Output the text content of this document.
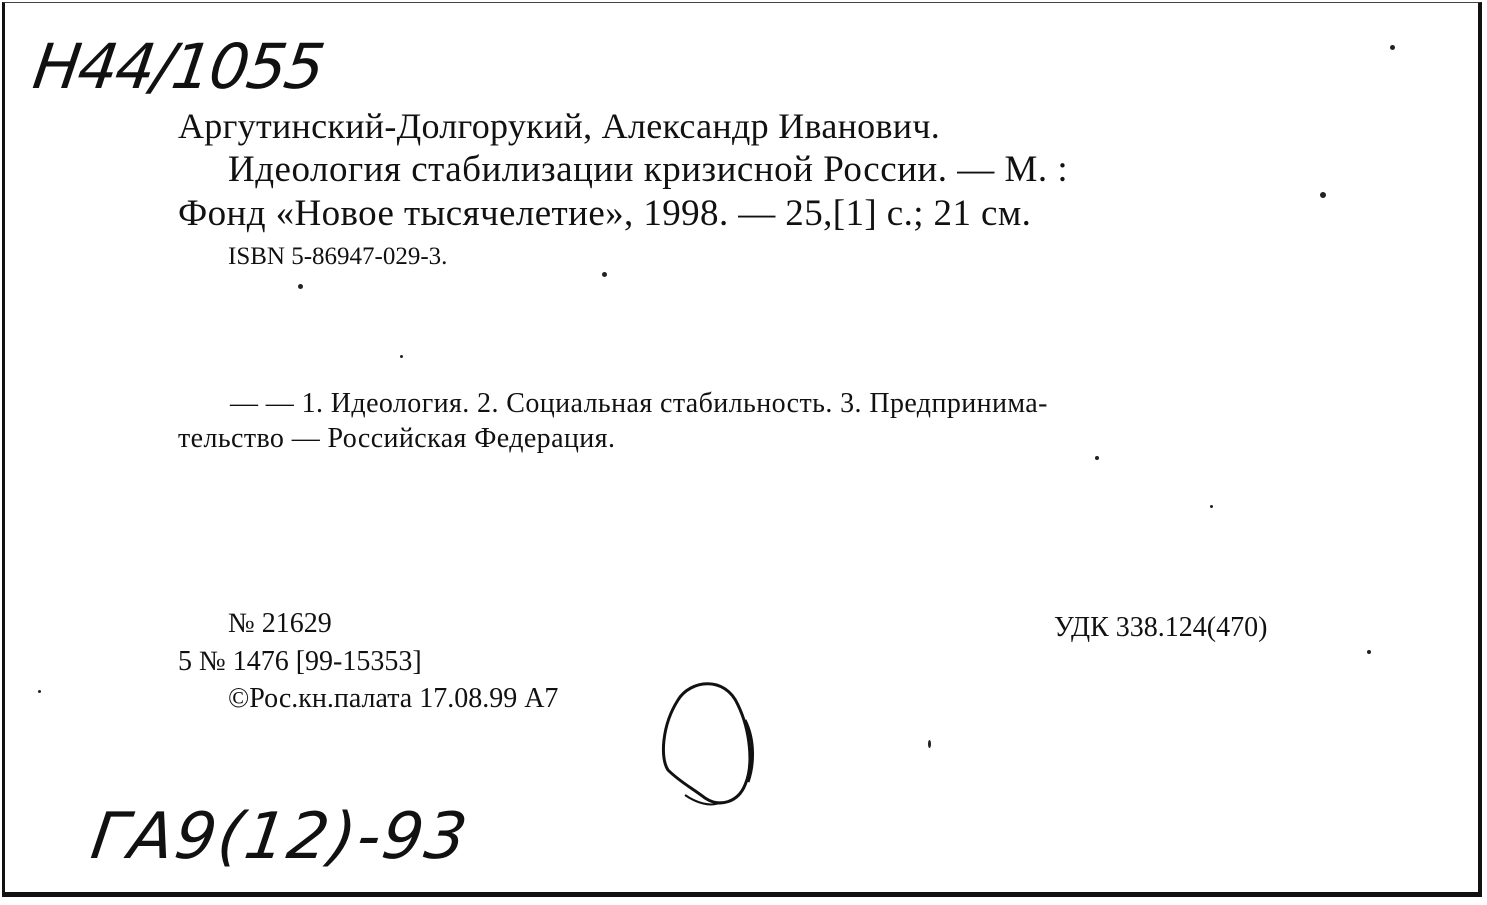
Н44/1055
Аргутинский-Долгорукий, Александр Иванович.
Идеология стабилизации кризисной России. — М. :
Фонд «Новое тысячелетие», 1998. — 25,[1] с.; 21 см.
ISBN 5-86947-029-3.
— — 1. Идеология. 2. Социальная стабильность. 3. Предпринима-
тельство — Российская Федерация.
№ 21629
5 № 1476 [99-15353]
©Рос.кн.палата 17.08.99 А7
УДК 338.124(470)
ГА9(12)-93
